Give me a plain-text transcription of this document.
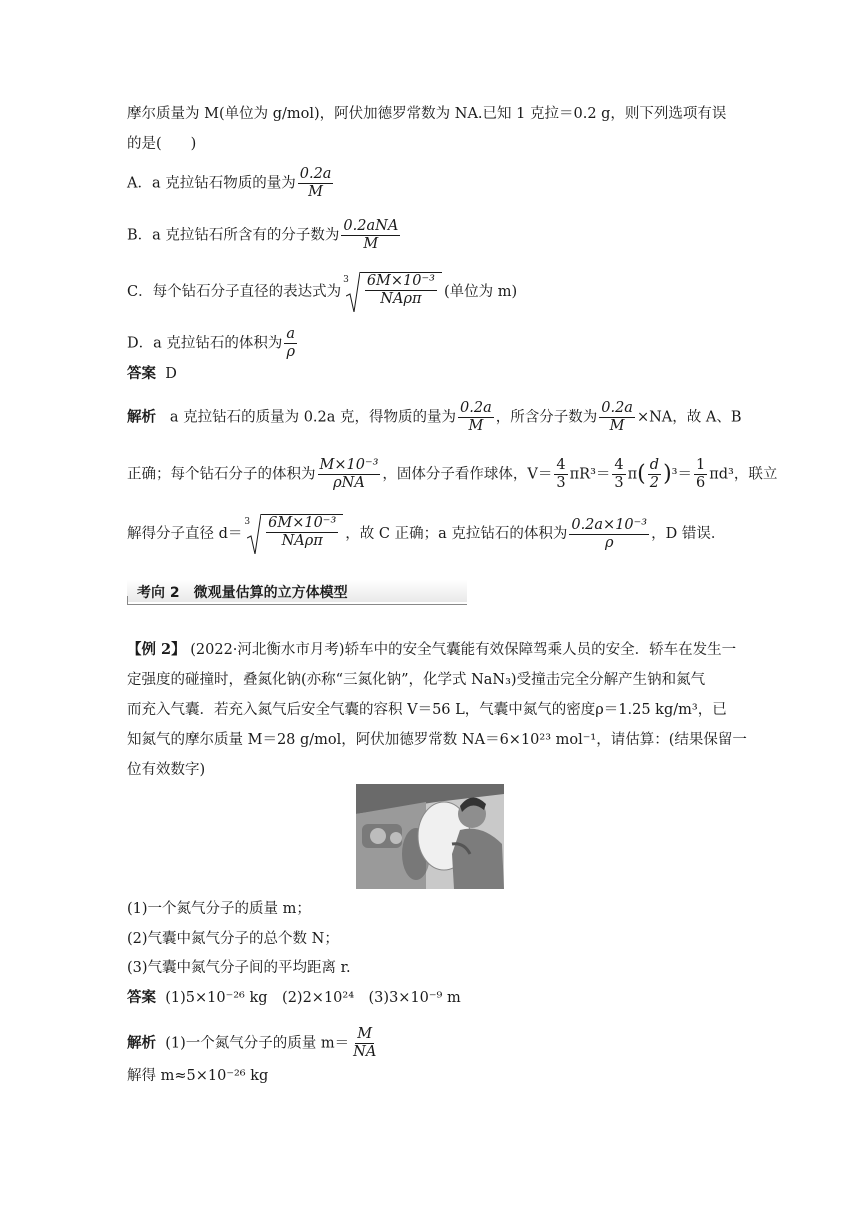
摩尔质量为 M(单位为 g/mol)，阿伏加德罗常数为 NA.已知 1 克拉＝0.2 g，则下列选项有误
的是(　　)
A．a 克拉钻石物质的量为 $\frac{0.2a}{M}$
B．a 克拉钻石所含有的分子数为 $\frac{\text{0.2aNA}}{M}$
C．每个钻石分子直径的表达式为
$3 \frac{\text{6M×10⁻³}}{\text{NAρπ}}$ (单位为 m)
D．a 克拉钻石的体积为 $\frac{a}{\rho}$
答案 D
解析 a 克拉钻石的质量为 0.2a 克，得物质的量为 $\frac{0.2a}{M}$ ，所含分子数为 $\frac{0.2a}{M} \times NA$，故 A、B
正确；每个钻石分子的体积为 $\frac{\text{M×10⁻³}}{\text{ρNA}}$ ，固体分子看作球体，$V= \frac{4}{3} \pi R^3= \frac{4}{3} \pi( \frac{d}{2} )^3= \frac{1}{6} \pi d^3$，联立
解得分子直径 d＝
$3 \frac{\text{6M×10⁻³}}{\text{NAρπ}}$ ，故 C 正确；a 克拉钻石的体积为 $\frac{\text{0.2a×10⁻³}}{\rho}$ ，D 错误．
考向 2　微观量估算的立方体模型
【例 2】 (2022·河北衡水市月考)轿车中的安全气囊能有效保障驾乘人员的安全．轿车在发生一
定强度的碰撞时，叠氮化钠(亦称“三氮化钠”，化学式 NaN₃)受撞击完全分解产生钠和氮气
而充入气囊．若充入氮气后安全气囊的容积 V＝56 L，气囊中氮气的密度ρ＝1.25 kg/m³，已
知氮气的摩尔质量 M＝28 g/mol，阿伏加德罗常数 NA＝6×10²³ mol⁻¹，请估算：(结果保留一
位有效数字)
(1)一个氮气分子的质量 m；
(2)气囊中氮气分子的总个数 N；
(3)气囊中氮气分子间的平均距离 r.
答案 (1)5×10⁻²⁶ kg　(2)2×10²⁴　(3)3×10⁻⁹ m
解析 (1)一个氮气分子的质量 $m= \frac{M}{NA}$
解得 m≈5×10⁻²⁶ kg
